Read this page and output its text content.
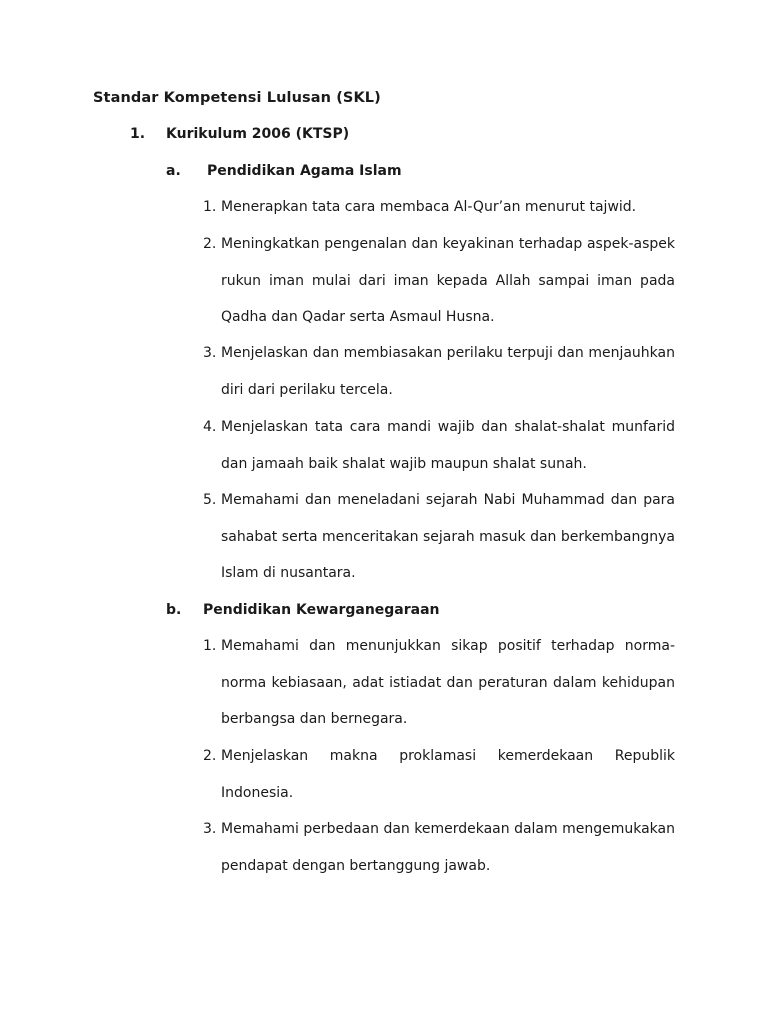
Standar Kompetensi Lulusan (SKL)
1. Kurikulum 2006 (KTSP)
a. Pendidikan Agama Islam
1. Menerapkan tata cara membaca Al-Qur’an menurut tajwid.
2. Meningkatkan pengenalan dan keyakinan terhadap aspek-aspek rukun iman mulai dari iman kepada Allah sampai iman pada Qadha dan Qadar serta Asmaul Husna.
3. Menjelaskan dan membiasakan perilaku terpuji dan menjauhkan diri dari perilaku tercela.
4. Menjelaskan tata cara mandi wajib dan shalat-shalat munfarid dan jamaah baik shalat wajib maupun shalat sunah.
5. Memahami dan meneladani sejarah Nabi Muhammad dan para sahabat serta menceritakan sejarah masuk dan berkembangnya Islam di nusantara.
b. Pendidikan Kewarganegaraan
1. Memahami dan menunjukkan sikap positif terhadap norma-norma kebiasaan, adat istiadat dan peraturan dalam kehidupan berbangsa dan bernegara.
2. Menjelaskan makna proklamasi kemerdekaan Republik Indonesia.
3. Memahami perbedaan dan kemerdekaan dalam mengemukakan pendapat dengan bertanggung jawab.
